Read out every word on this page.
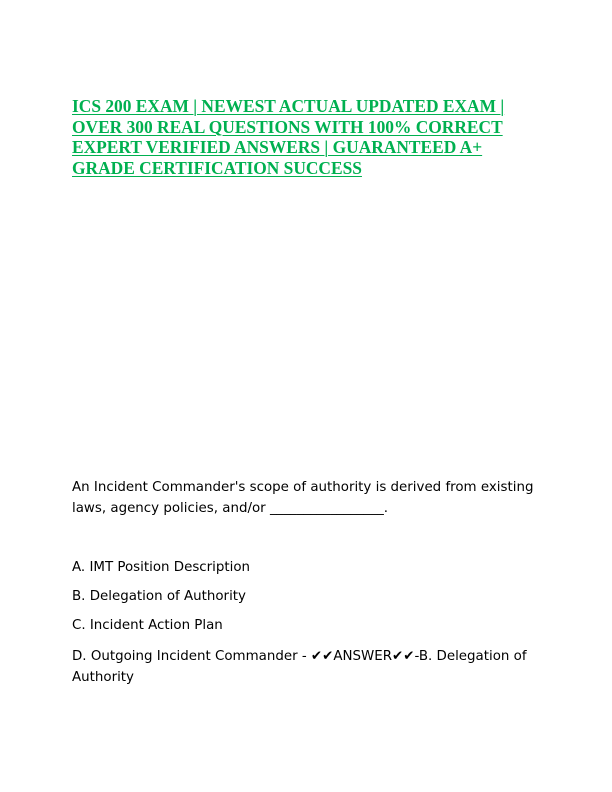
ICS 200 EXAM | NEWEST ACTUAL UPDATED EXAM | OVER 300 REAL QUESTIONS WITH 100% CORRECT EXPERT VERIFIED ANSWERS | GUARANTEED A+ GRADE CERTIFICATION SUCCESS

An Incident Commander's scope of authority is derived from existing laws, agency policies, and/or _________________.

A. IMT Position Description

B. Delegation of Authority

C. Incident Action Plan

D. Outgoing Incident Commander - ✔✔ANSWER✔✔-B. Delegation of Authority
